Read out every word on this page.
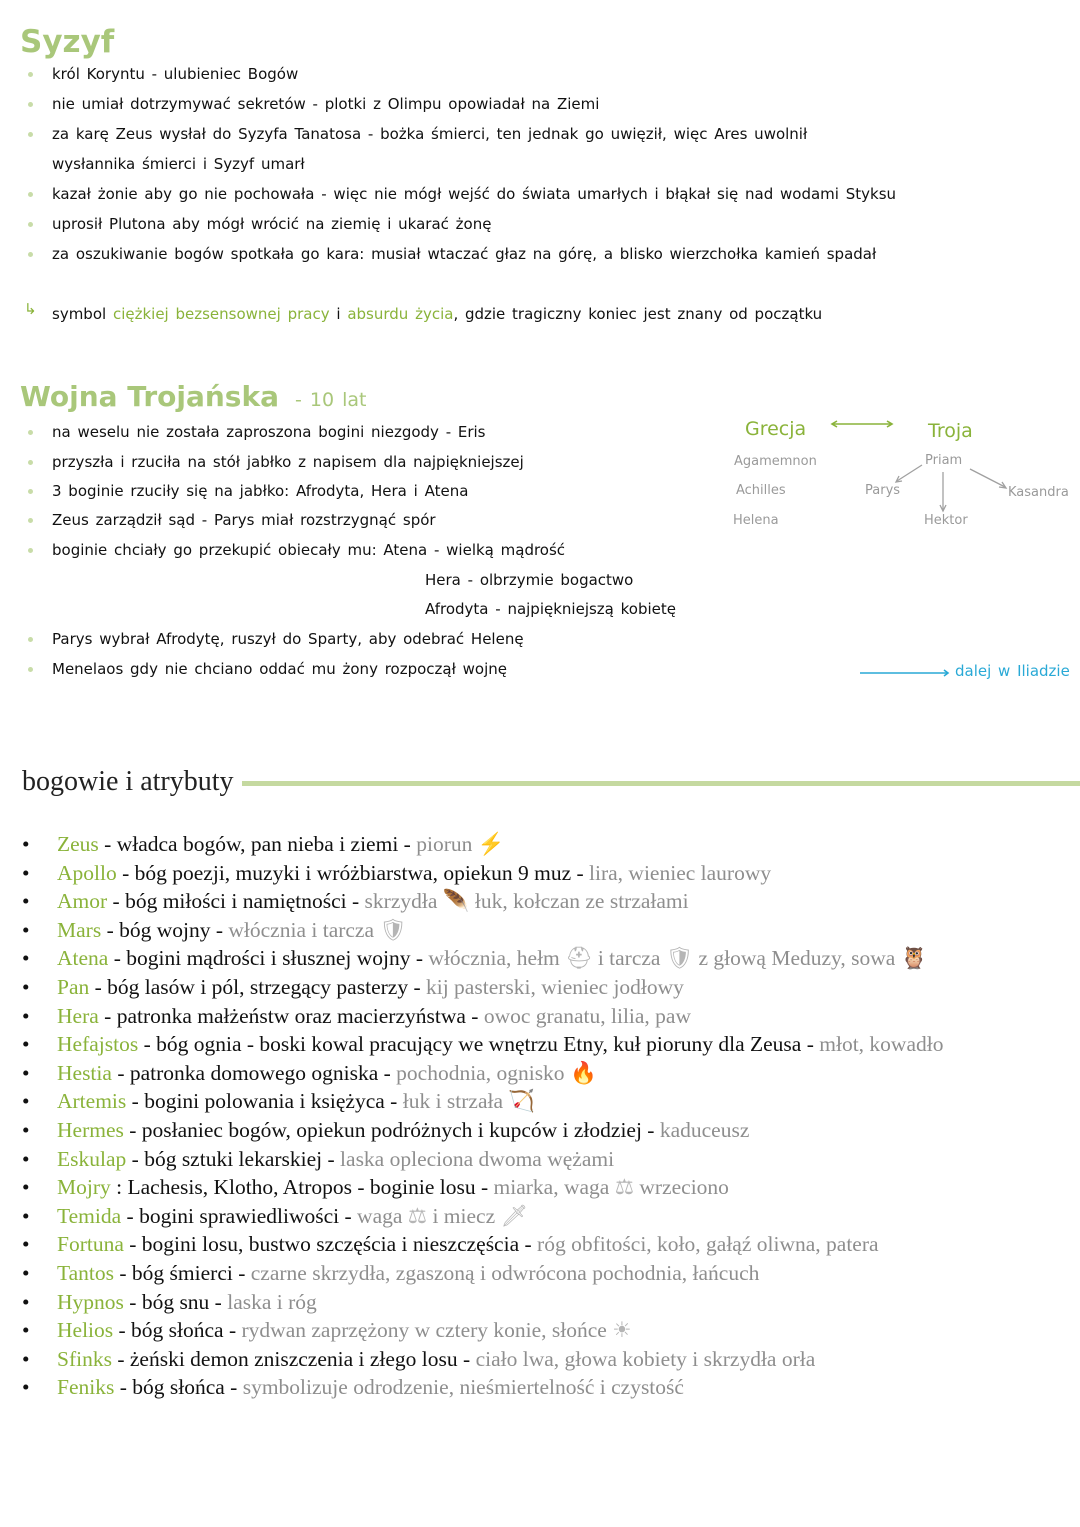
Syzyf
król Koryntu - ulubieniec Bogów
nie umiał dotrzymywać sekretów - plotki z Olimpu opowiadał na Ziemi
za karę Zeus wysłał do Syzyfa Tanatosa - bożka śmierci, ten jednak go uwięził, więc Ares uwolnił
wysłannika śmierci i Syzyf umarł
kazał żonie aby go nie pochowała - więc nie mógł wejść do świata umarłych i błąkał się nad wodami Styksu
uprosił Plutona aby mógł wrócić na ziemię i ukarać żonę
za oszukiwanie bogów spotkała go kara: musiał wtaczać głaz na górę, a blisko wierzchołka kamień spadał
↳ symbol ciężkiej bezsensownej pracy i absurdu życia, gdzie tragiczny koniec jest znany od początku
Wojna Trojańska - 10 lat
na weselu nie została zaproszona bogini niezgody - Eris
przyszła i rzuciła na stół jabłko z napisem dla najpiękniejszej
3 boginie rzuciły się na jabłko: Afrodyta, Hera i Atena
Zeus zarządził sąd - Parys miał rozstrzygnąć spór
boginie chciały go przekupić obiecały mu: Atena - wielką mądrość
Hera - olbrzymie bogactwo
Afrodyta - najpiękniejszą kobietę
Parys wybrał Afrodytę, ruszył do Sparty, aby odebrać Helenę
Menelaos gdy nie chciano oddać mu żony rozpoczął wojnę
Grecja	Troja
Agamemnon
Achilles
Helena
Priam
Parys
Hektor
Kasandra
dalej w Iliadzie
bogowie i atrybuty
• Zeus - władca bogów, pan nieba i ziemi - piorun ⚡
• Apollo - bóg poezji, muzyki i wróżbiarstwa, opiekun 9 muz - lira, wieniec laurowy
• Amor - bóg miłości i namiętności - skrzydła 🪶 łuk, kołczan ze strzałami
• Mars - bóg wojny - włócznia i tarcza 🛡
• Atena - bogini mądrości i słusznej wojny - włócznia, hełm ⛑ i tarcza 🛡 z głową Meduzy, sowa 🦉
• Pan - bóg lasów i pól, strzegący pasterzy - kij pasterski, wieniec jodłowy
• Hera - patronka małżeństw oraz macierzyństwa - owoc granatu, lilia, paw
• Hefajstos - bóg ognia - boski kowal pracujący we wnętrzu Etny, kuł pioruny dla Zeusa - młot, kowadło
• Hestia - patronka domowego ogniska - pochodnia, ognisko 🔥
• Artemis - bogini polowania i księżyca - łuk i strzała 🏹
• Hermes - posłaniec bogów, opiekun podróżnych i kupców i złodziej - kaduceusz
• Eskulap - bóg sztuki lekarskiej - laska opleciona dwoma wężami
• Mojry : Lachesis, Klotho, Atropos - boginie losu - miarka, waga ⚖ wrzeciono
• Temida - bogini sprawiedliwości - waga ⚖ i miecz 🗡
• Fortuna - bogini losu, bustwo szczęścia i nieszczęścia - róg obfitości, koło, gałąź oliwna, patera
• Tantos - bóg śmierci - czarne skrzydła, zgaszoną i odwrócona pochodnia, łańcuch
• Hypnos - bóg snu - laska i róg
• Helios - bóg słońca - rydwan zaprzężony w cztery konie, słońce ☀
• Sfinks - żeński demon zniszczenia i złego losu - ciało lwa, głowa kobiety i skrzydła orła
• Feniks - bóg słońca - symbolizuje odrodzenie, nieśmiertelność i czystość
